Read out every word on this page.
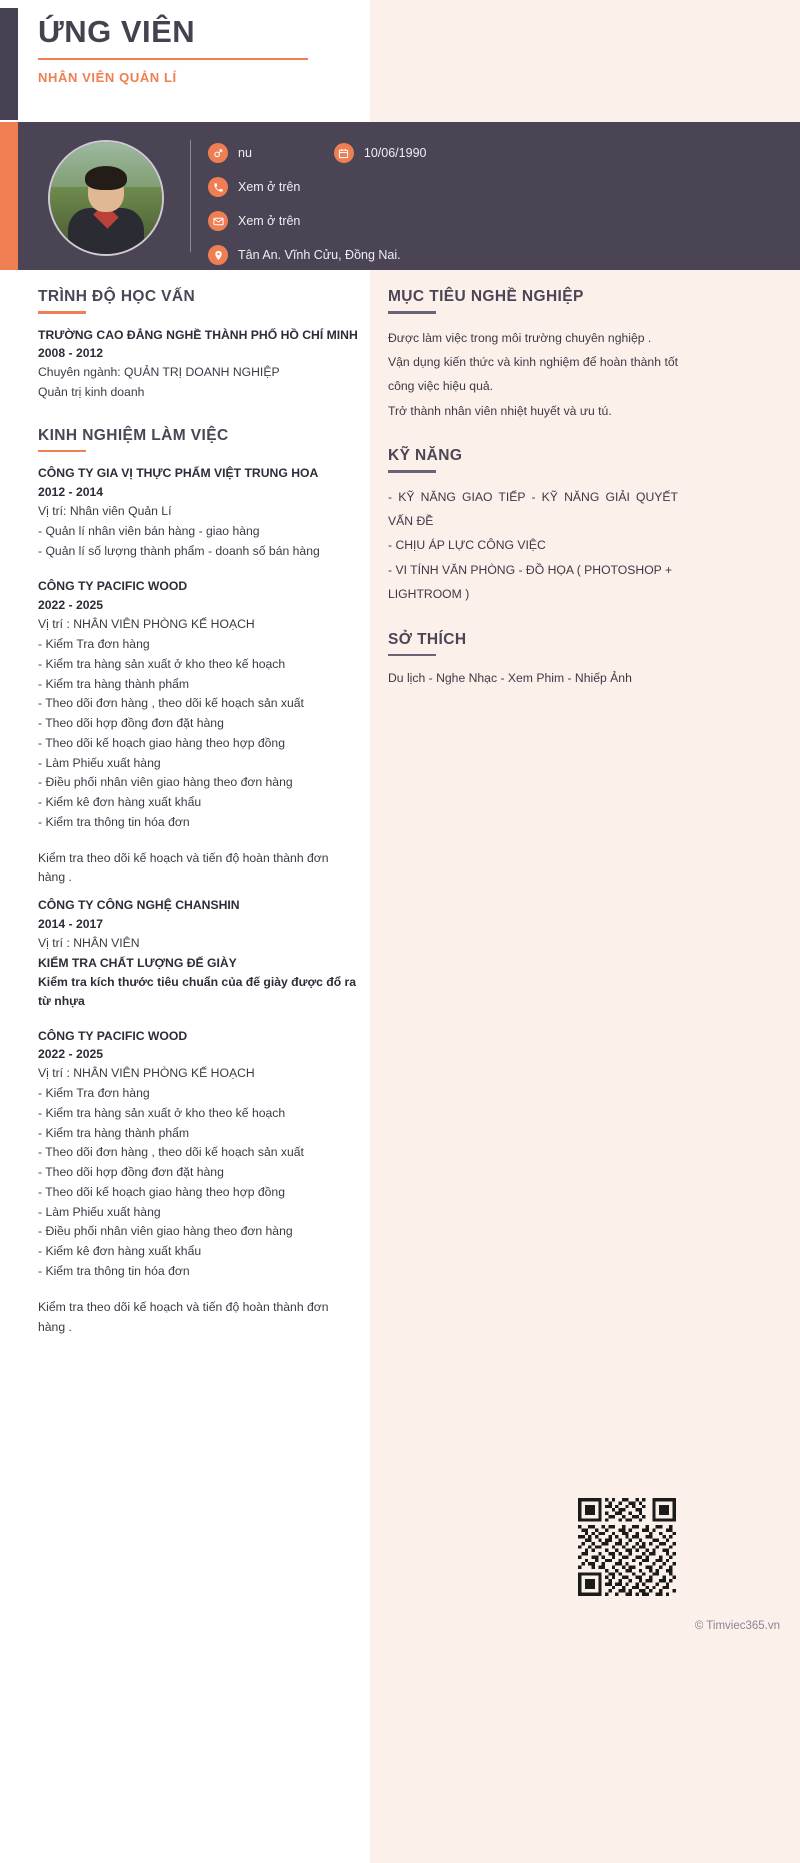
ỨNG VIÊN
NHÂN VIÊN QUẢN LÍ
nu	10/06/1990
Xem ở trên
Xem ở trên
Tân An. Vĩnh Cửu, Đồng Nai.
TRÌNH ĐỘ HỌC VẤN

TRƯỜNG CAO ĐẲNG NGHỀ THÀNH PHỐ HỒ CHÍ MINH

2008 - 2012

Chuyên ngành: QUẢN TRỊ DOANH NGHIỆP

Quản trị kinh doanh

KINH NGHIỆM LÀM VIỆC

CÔNG TY GIA VỊ THỰC PHẨM VIỆT TRUNG HOA

2012 - 2014

Vị trí: Nhân viên Quản Lí

- Quản lí nhân viên bán hàng - giao hàng

- Quản lí số lượng thành phẩm - doanh số bán hàng

CÔNG TY PACIFIC WOOD

2022 - 2025

Vị trí : NHÂN VIÊN PHÒNG KẾ HOẠCH

- Kiểm Tra đơn hàng

- Kiểm tra hàng sản xuất ở kho theo kế hoạch

- Kiểm tra hàng thành phẩm

- Theo dõi đơn hàng , theo dõi kế hoạch sản xuất

- Theo dõi hợp đồng đơn đặt hàng

- Theo dõi kế hoạch giao hàng theo hợp đồng

- Làm Phiếu xuất hàng

- Điều phối nhân viên giao hàng theo đơn hàng

- Kiểm kê đơn hàng xuất khẩu

- Kiểm tra thông tin hóa đơn

Kiểm tra theo dõi kế hoạch và tiến độ hoàn thành đơn hàng .

CÔNG TY CÔNG NGHỆ CHANSHIN

2014 - 2017

Vị trí : NHÂN VIÊN

KIỂM TRA CHẤT LƯỢNG ĐẾ GIÀY

Kiểm tra kích thước tiêu chuẩn của đế giày được đổ ra từ nhựa

CÔNG TY PACIFIC WOOD

2022 - 2025

Vị trí : NHÂN VIÊN PHÒNG KẾ HOẠCH

- Kiểm Tra đơn hàng

- Kiểm tra hàng sản xuất ở kho theo kế hoạch

- Kiểm tra hàng thành phẩm

- Theo dõi đơn hàng , theo dõi kế hoạch sản xuất

- Theo dõi hợp đồng đơn đặt hàng

- Theo dõi kế hoạch giao hàng theo hợp đồng

- Làm Phiếu xuất hàng

- Điều phối nhân viên giao hàng theo đơn hàng

- Kiểm kê đơn hàng xuất khẩu

- Kiểm tra thông tin hóa đơn

Kiểm tra theo dõi kế hoạch và tiến độ hoàn thành đơn hàng .

MỤC TIÊU NGHỀ NGHIỆP

Được làm việc trong môi trường chuyên nghiệp .

Vận dụng kiến thức và kinh nghiệm để hoàn thành tốt công việc hiệu quả.

Trở thành nhân viên nhiệt huyết và ưu tú.

KỸ NĂNG

- KỸ NĂNG GIAO TIẾP - KỸ NĂNG GIẢI QUYẾT VẤN ĐỀ

- CHỊU ÁP LỰC CÔNG VIỆC

- VI TÍNH VĂN PHÒNG - ĐỒ HỌA ( PHOTOSHOP +

LIGHTROOM )

SỞ THÍCH

Du lịch - Nghe Nhạc - Xem Phim - Nhiếp Ảnh

© Timviec365.vn
